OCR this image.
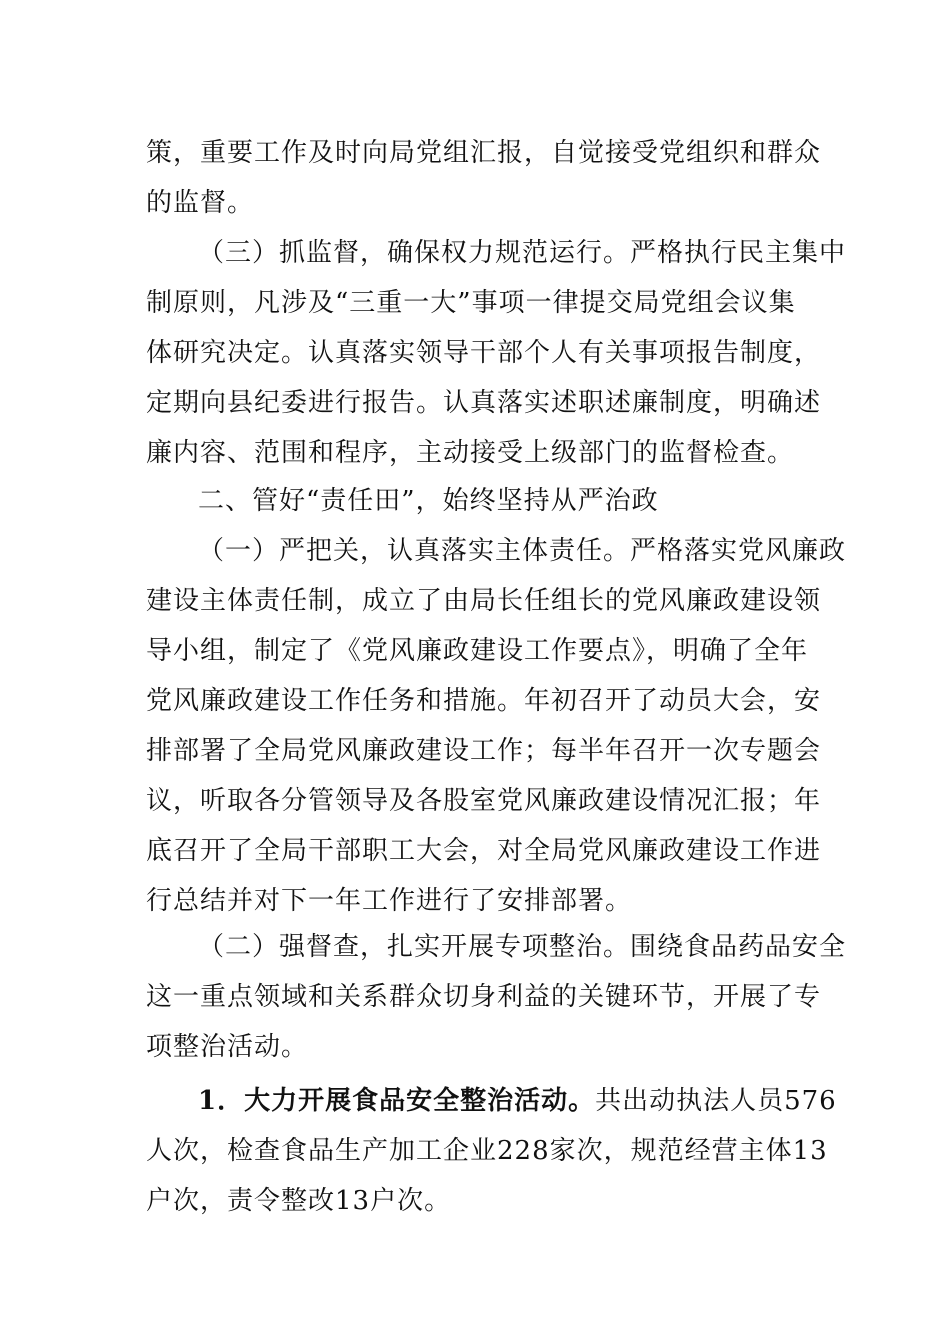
策，重要工作及时向局党组汇报，自觉接受党组织和群众
的监督。
（三）抓监督，确保权力规范运行。严格执行民主集中
制原则，凡涉及“三重一大”事项一律提交局党组会议集
体研究决定。认真落实领导干部个人有关事项报告制度，
定期向县纪委进行报告。认真落实述职述廉制度，明确述
廉内容、范围和程序，主动接受上级部门的监督检查。
二、管好“责任田”，始终坚持从严治政
（一）严把关，认真落实主体责任。严格落实党风廉政
建设主体责任制，成立了由局长任组长的党风廉政建设领
导小组，制定了《党风廉政建设工作要点》，明确了全年
党风廉政建设工作任务和措施。年初召开了动员大会，安
排部署了全局党风廉政建设工作；每半年召开一次专题会
议，听取各分管领导及各股室党风廉政建设情况汇报；年
底召开了全局干部职工大会，对全局党风廉政建设工作进
行总结并对下一年工作进行了安排部署。
（二）强督查，扎实开展专项整治。围绕食品药品安全
这一重点领域和关系群众切身利益的关键环节，开展了专
项整治活动。
1．大力开展食品安全整治活动。共出动执法人员576
人次，检查食品生产加工企业228家次，规范经营主体13
户次，责令整改13户次。
